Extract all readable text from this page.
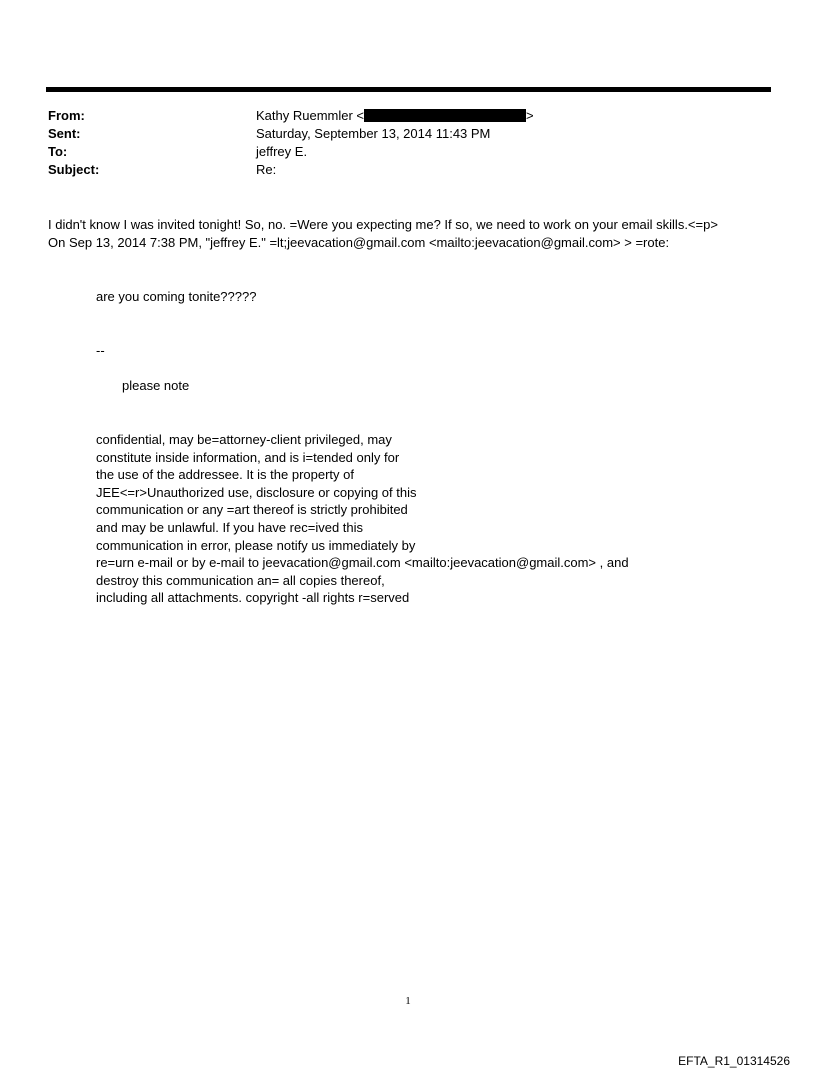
From:	Kathy Ruemmler <	>
Sent:	Saturday, September 13, 2014 11:43 PM
To:	jeffrey E.
Subject:	Re:

I didn't know I was invited tonight! So, no. =Were you expecting me? If so, we need to work on your email skills.<=p>

On Sep 13, 2014 7:38 PM, "jeffrey E." =lt;jeevacation@gmail.com <mailto:jeevacation@gmail.com> > =rote:

are you coming tonite?????

--

please note

confidential, may be=attorney-client privileged, may

constitute inside information, and is i=tended only for

the use of the addressee. It is the property of

JEE<=r>Unauthorized use, disclosure or copying of this

communication or any =art thereof is strictly prohibited

and may be unlawful. If you have rec=ived this

communication in error, please notify us immediately by

re=urn e-mail or by e-mail to jeevacation@gmail.com <mailto:jeevacation@gmail.com> , and

destroy this communication an= all copies thereof,

including all attachments. copyright -all rights r=served

1
EFTA_R1_01314526
